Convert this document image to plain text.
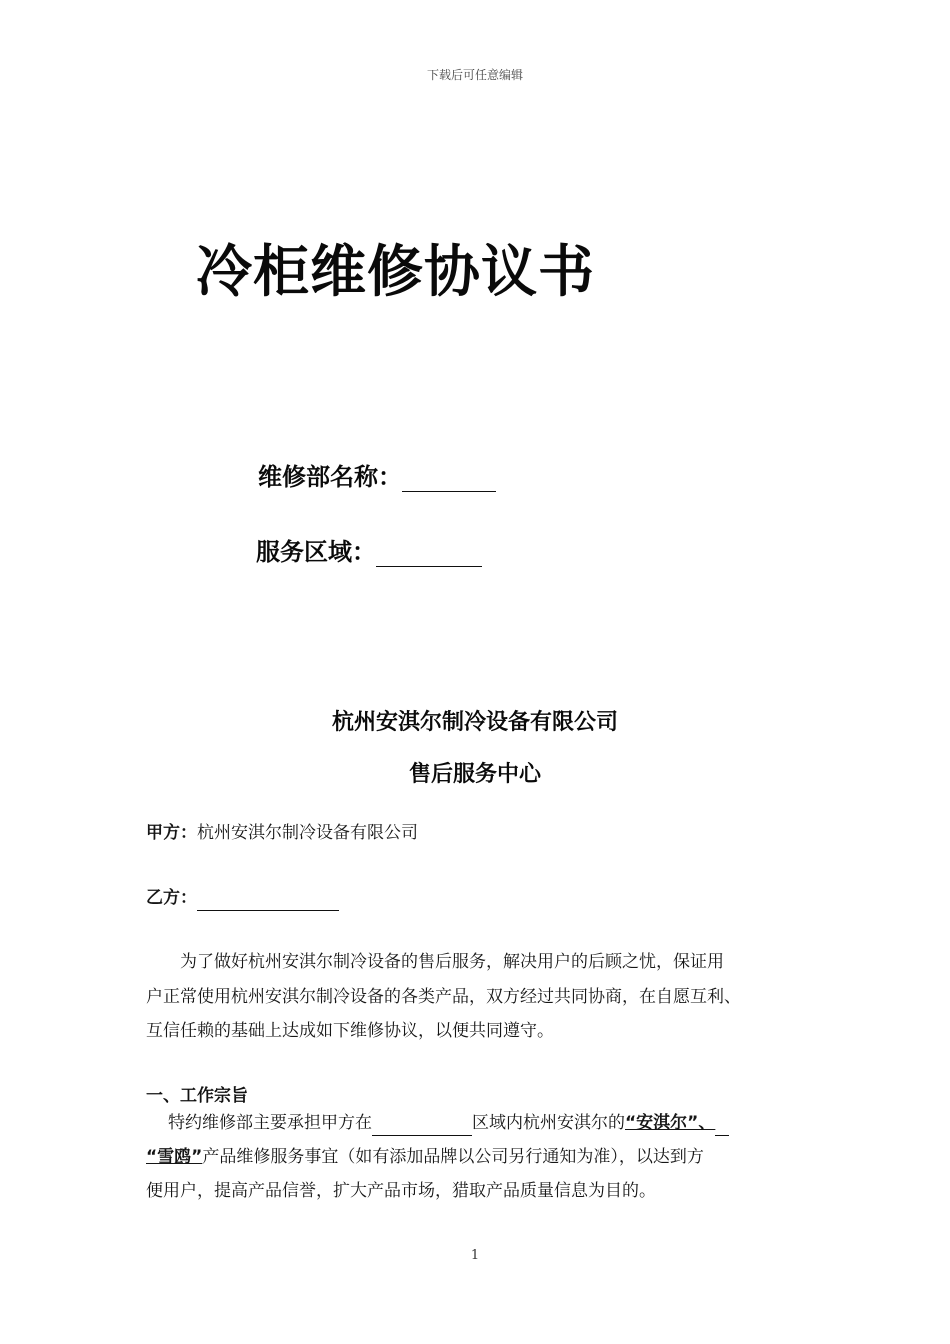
下载后可任意编辑
冷柜维修协议书
维修部名称：
服务区域：
杭州安淇尔制冷设备有限公司
售后服务中心
甲方：杭州安淇尔制冷设备有限公司
乙方：
为了做好杭州安淇尔制冷设备的售后服务，解决用户的后顾之忧，保证用
户正常使用杭州安淇尔制冷设备的各类产品，双方经过共同协商，在自愿互利、
互信任赖的基础上达成如下维修协议，以便共同遵守。
一、工作宗旨
特约维修部主要承担甲方在	区域内杭州安淇尔的“安淇尔”、
“雪鸥”产品维修服务事宜（如有添加品牌以公司另行通知为准），以达到方
便用户，提高产品信誉，扩大产品市场，猎取产品质量信息为目的。
1
